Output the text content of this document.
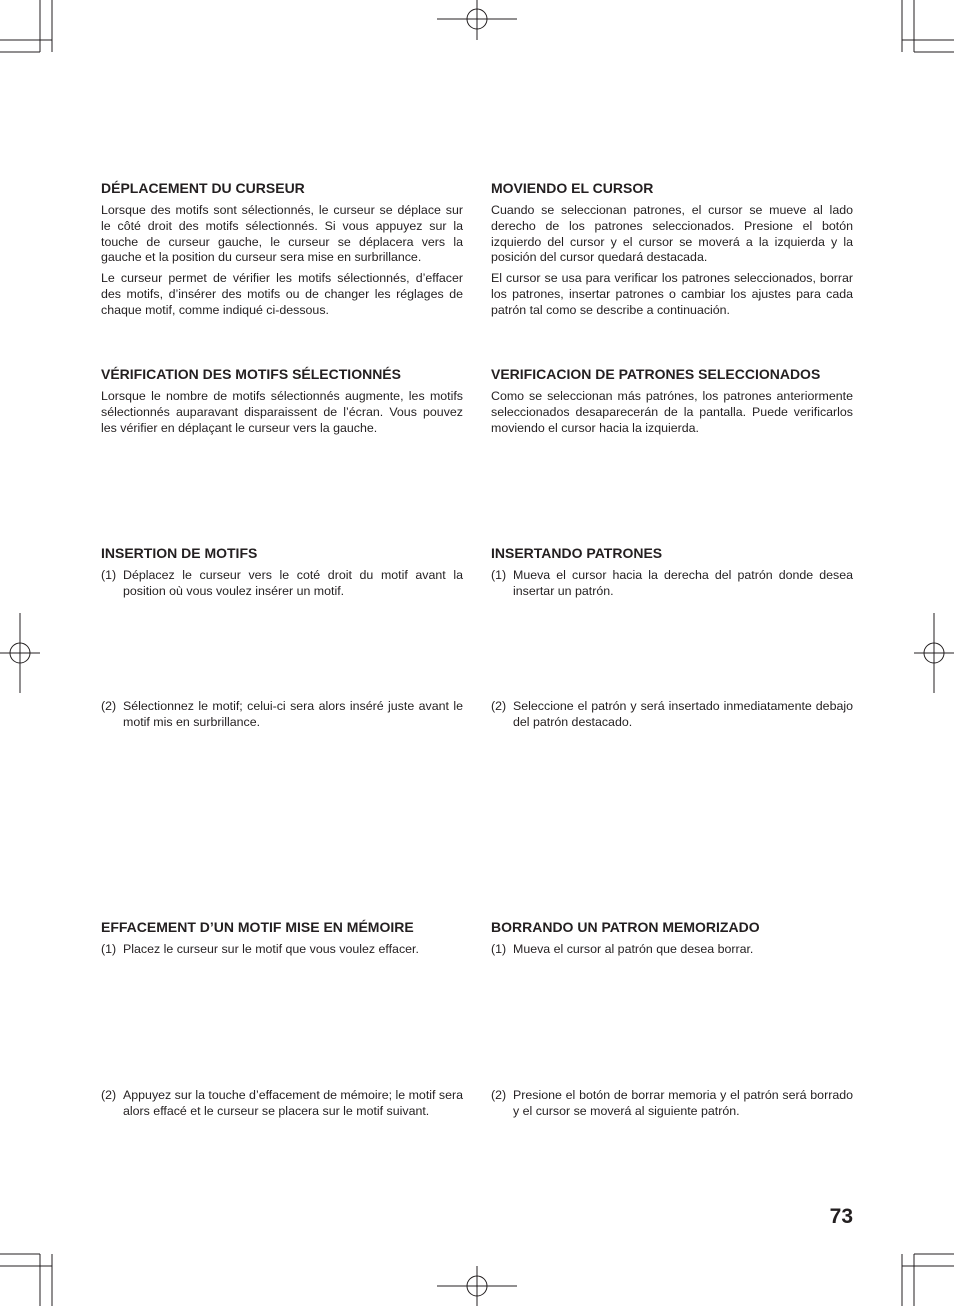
DÉPLACEMENT DU CURSEUR

Lorsque des motifs sont sélectionnés, le curseur se déplace sur le côté droit des motifs sélectionnés. Si vous appuyez sur la touche de curseur gauche, le curseur se déplacera vers la gauche et la position du curseur sera mise en surbrillance.

Le curseur permet de vérifier les motifs sélectionnés, d’effacer des motifs, d’insérer des motifs ou de changer les réglages de chaque motif, comme indiqué ci-dessous.

VÉRIFICATION DES MOTIFS SÉLECTIONNÉS

Lorsque le nombre de motifs sélectionnés augmente, les motifs sélectionnés auparavant disparaissent de l’écran. Vous pouvez les vérifier en déplaçant le curseur vers la gauche.

INSERTION DE MOTIFS
(1) Déplacez le curseur vers le coté droit du motif avant la position où vous voulez insérer un motif.
(2) Sélectionnez le motif; celui-ci sera alors inséré juste avant le motif mis en surbrillance.
EFFACEMENT D’UN MOTIF MISE EN MÉMOIRE
(1) Placez le curseur sur le motif que vous voulez effacer.
(2) Appuyez sur la touche d’effacement de mémoire; le motif sera alors effacé et le curseur se placera sur le motif suivant.
MOVIENDO EL CURSOR

Cuando se seleccionan patrones, el cursor se mueve al lado derecho de los patrones seleccionados. Presione el botón izquierdo del cursor y el cursor se moverá a la izquierda y la posición del cursor quedará destacada.

El cursor se usa para verificar los patrones seleccionados, borrar los patrones, insertar patrones o cambiar los ajustes para cada patrón tal como se describe a continuación.

VERIFICACION DE PATRONES SELECCIONADOS

Como se seleccionan más patrónes, los patrones anteriormente seleccionados desaparecerán de la pantalla. Puede verificarlos moviendo el cursor hacia la izquierda.

INSERTANDO PATRONES
(1) Mueva el cursor hacia la derecha del patrón donde desea insertar un patrón.
(2) Seleccione el patrón y será insertado inmediatamente debajo del patrón destacado.
BORRANDO UN PATRON MEMORIZADO
(1) Mueva el cursor al patrón que desea borrar.
(2) Presione el botón de borrar memoria y el patrón será borrado y el cursor se moverá al siguiente patrón.
73
